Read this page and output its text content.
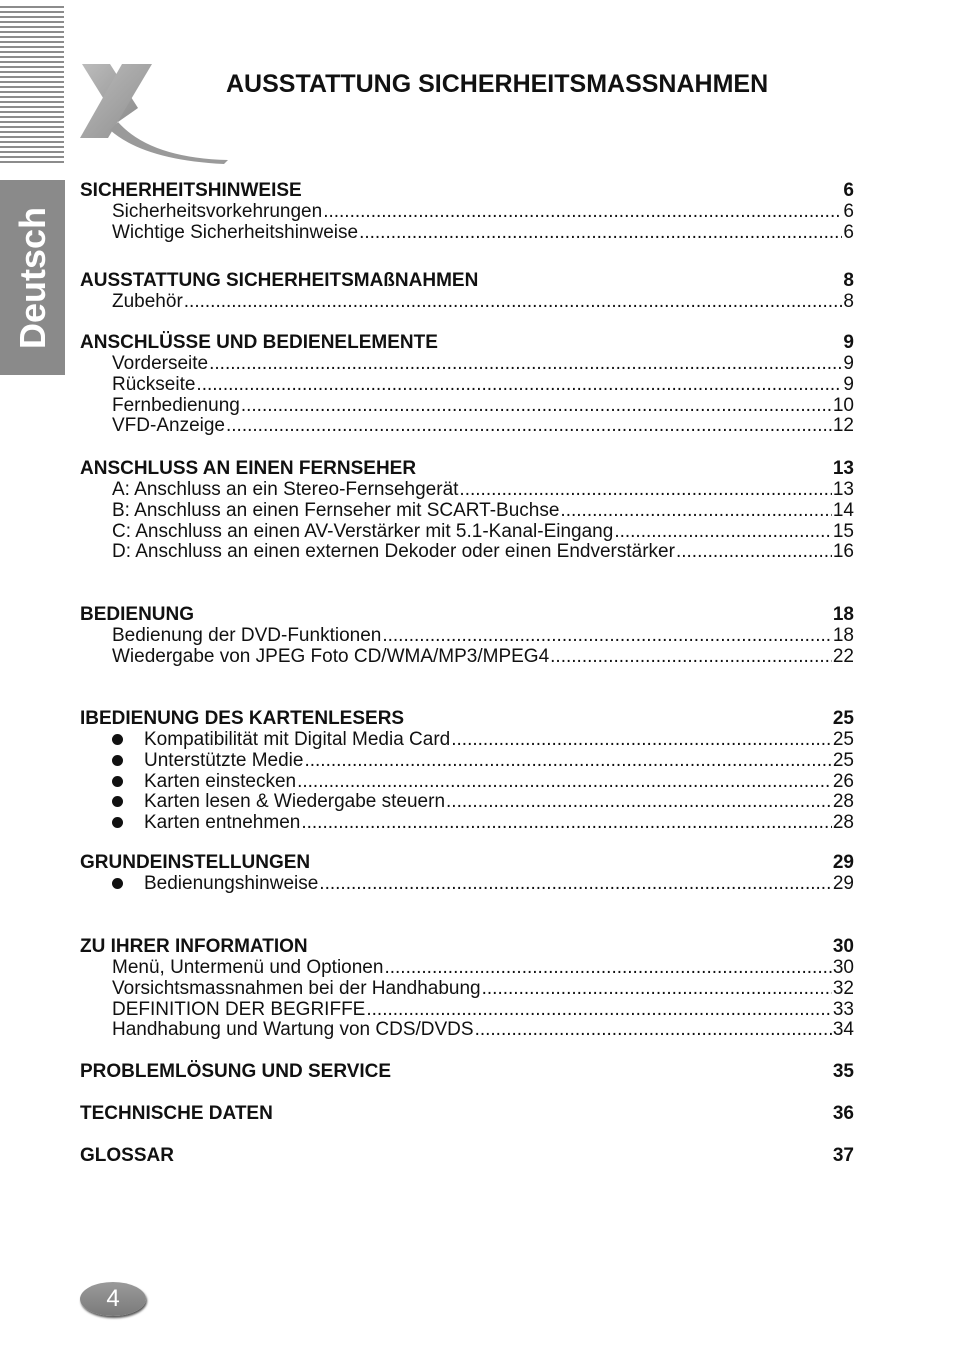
Deutsch
AUSSTATTUNG SICHERHEITSMASSNAHMEN
SICHERHEITSHINWEISE	6
Sicherheitsvorkehrungen .....	6
Wichtige Sicherheitshinweise .....	6
AUSSTATTUNG SICHERHEITSMAßNAHMEN	8
Zubehör .....	8
ANSCHLÜSSE UND BEDIENELEMENTE	9
Vorderseite .....	9
Rückseite .....	9
Fernbedienung .....	10
VFD-Anzeige .....	12
ANSCHLUSS AN EINEN FERNSEHER	13
A: Anschluss an ein Stereo-Fernsehgerät .....	13
B: Anschluss an einen Fernseher mit SCART-Buchse .....	14
C: Anschluss an einen AV-Verstärker mit 5.1-Kanal-Eingang .....	15
D: Anschluss an einen externen Dekoder oder einen Endverstärker .....	16
BEDIENUNG	18
Bedienung der DVD-Funktionen .....	18
Wiedergabe von JPEG Foto CD/WMA/MP3/MPEG4 .....	22
IBEDIENUNG DES KARTENLESERS	25
Kompatibilität mit Digital Media Card .....	25
Unterstützte Medie .....	25
Karten einstecken .....	26
Karten lesen & Wiedergabe steuern .....	28
Karten entnehmen .....	28
GRUNDEINSTELLUNGEN	29
Bedienungshinweise .....	29
ZU IHRER INFORMATION	30
Menü, Untermenü und Optionen .....	30
Vorsichtsmassnahmen bei der Handhabung .....	32
DEFINITION DER BEGRIFFE .....	33
Handhabung und Wartung von CDS/DVDS .....	34
PROBLEMLÖSUNG UND SERVICE	35
TECHNISCHE DATEN	36
GLOSSAR	37
4
